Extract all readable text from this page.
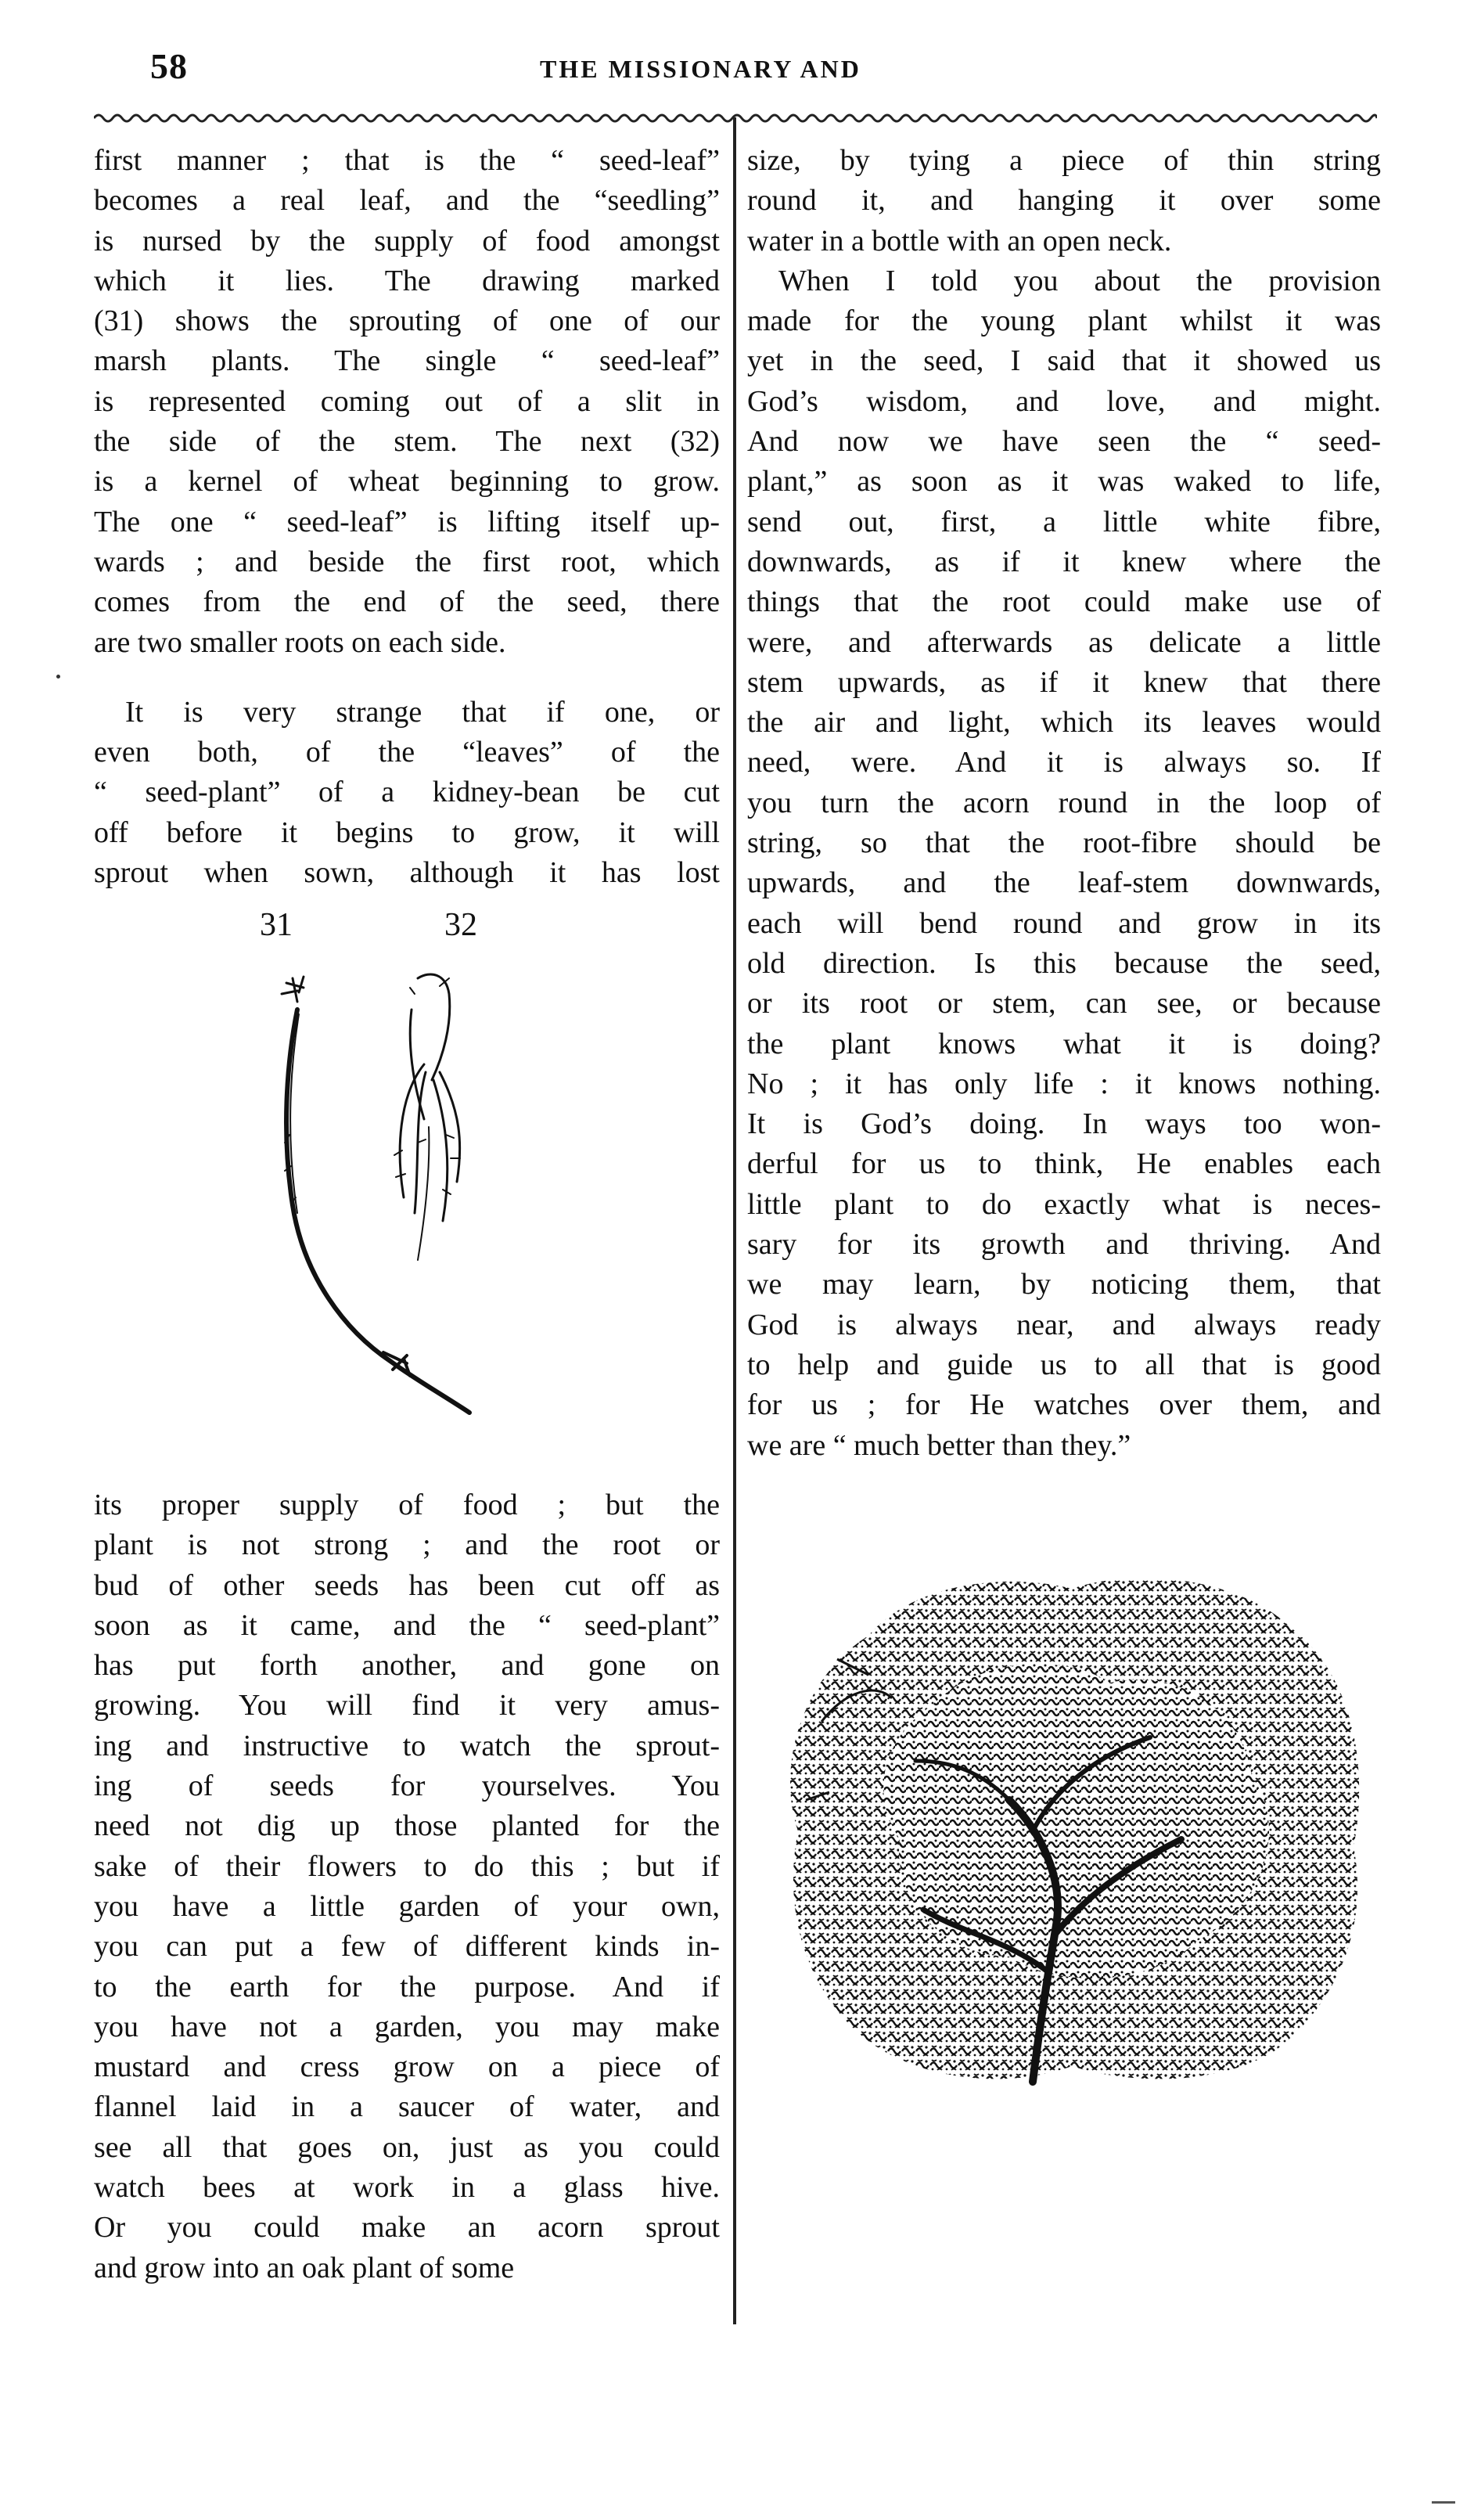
58	THE MISSIONARY AND

first manner ; that is the “ seed-leaf”

becomes a real leaf, and the “seedling”

is nursed by the supply of food amongst

which it lies. The drawing marked

(31) shows the sprouting of one of our

marsh plants. The single “ seed-leaf”

is represented coming out of a slit in

the side of the stem. The next (32)

is a kernel of wheat beginning to grow.

The one “ seed-leaf” is lifting itself up-

wards ; and beside the first root, which

comes from the end of the seed, there

are two smaller roots on each side.

It is very strange that if one, or

even both, of the “leaves” of the

“ seed-plant” of a kidney-bean be cut

off before it begins to grow, it will

sprout when sown, although it has lost

31	32

its proper supply of food ; but the

plant is not strong ; and the root or

bud of other seeds has been cut off as

soon as it came, and the “ seed-plant”

has put forth another, and gone on

growing. You will find it very amus-

ing and instructive to watch the sprout-

ing of seeds for yourselves. You

need not dig up those planted for the

sake of their flowers to do this ; but if

you have a little garden of your own,

you can put a few of different kinds in-

to the earth for the purpose. And if

you have not a garden, you may make

mustard and cress grow on a piece of

flannel laid in a saucer of water, and

see all that goes on, just as you could

watch bees at work in a glass hive.

Or you could make an acorn sprout

and grow into an oak plant of some

size, by tying a piece of thin string

round it, and hanging it over some

water in a bottle with an open neck.

When I told you about the provision

made for the young plant whilst it was

yet in the seed, I said that it showed us

God’s wisdom, and love, and might.

And now we have seen the “ seed-

plant,” as soon as it was waked to life,

send out, first, a little white fibre,

downwards, as if it knew where the

things that the root could make use of

were, and afterwards as delicate a little

stem upwards, as if it knew that there

the air and light, which its leaves would

need, were. And it is always so. If

you turn the acorn round in the loop of

string, so that the root-fibre should be

upwards, and the leaf-stem downwards,

each will bend round and grow in its

old direction. Is this because the seed,

or its root or stem, can see, or because

the plant knows what it is doing?

No ; it has only life : it knows nothing.

It is God’s doing. In ways too won-

derful for us to think, He enables each

little plant to do exactly what is neces-

sary for its growth and thriving. And

we may learn, by noticing them, that

God is always near, and always ready

to help and guide us to all that is good

for us ; for He watches over them, and

we are “ much better than they.”
